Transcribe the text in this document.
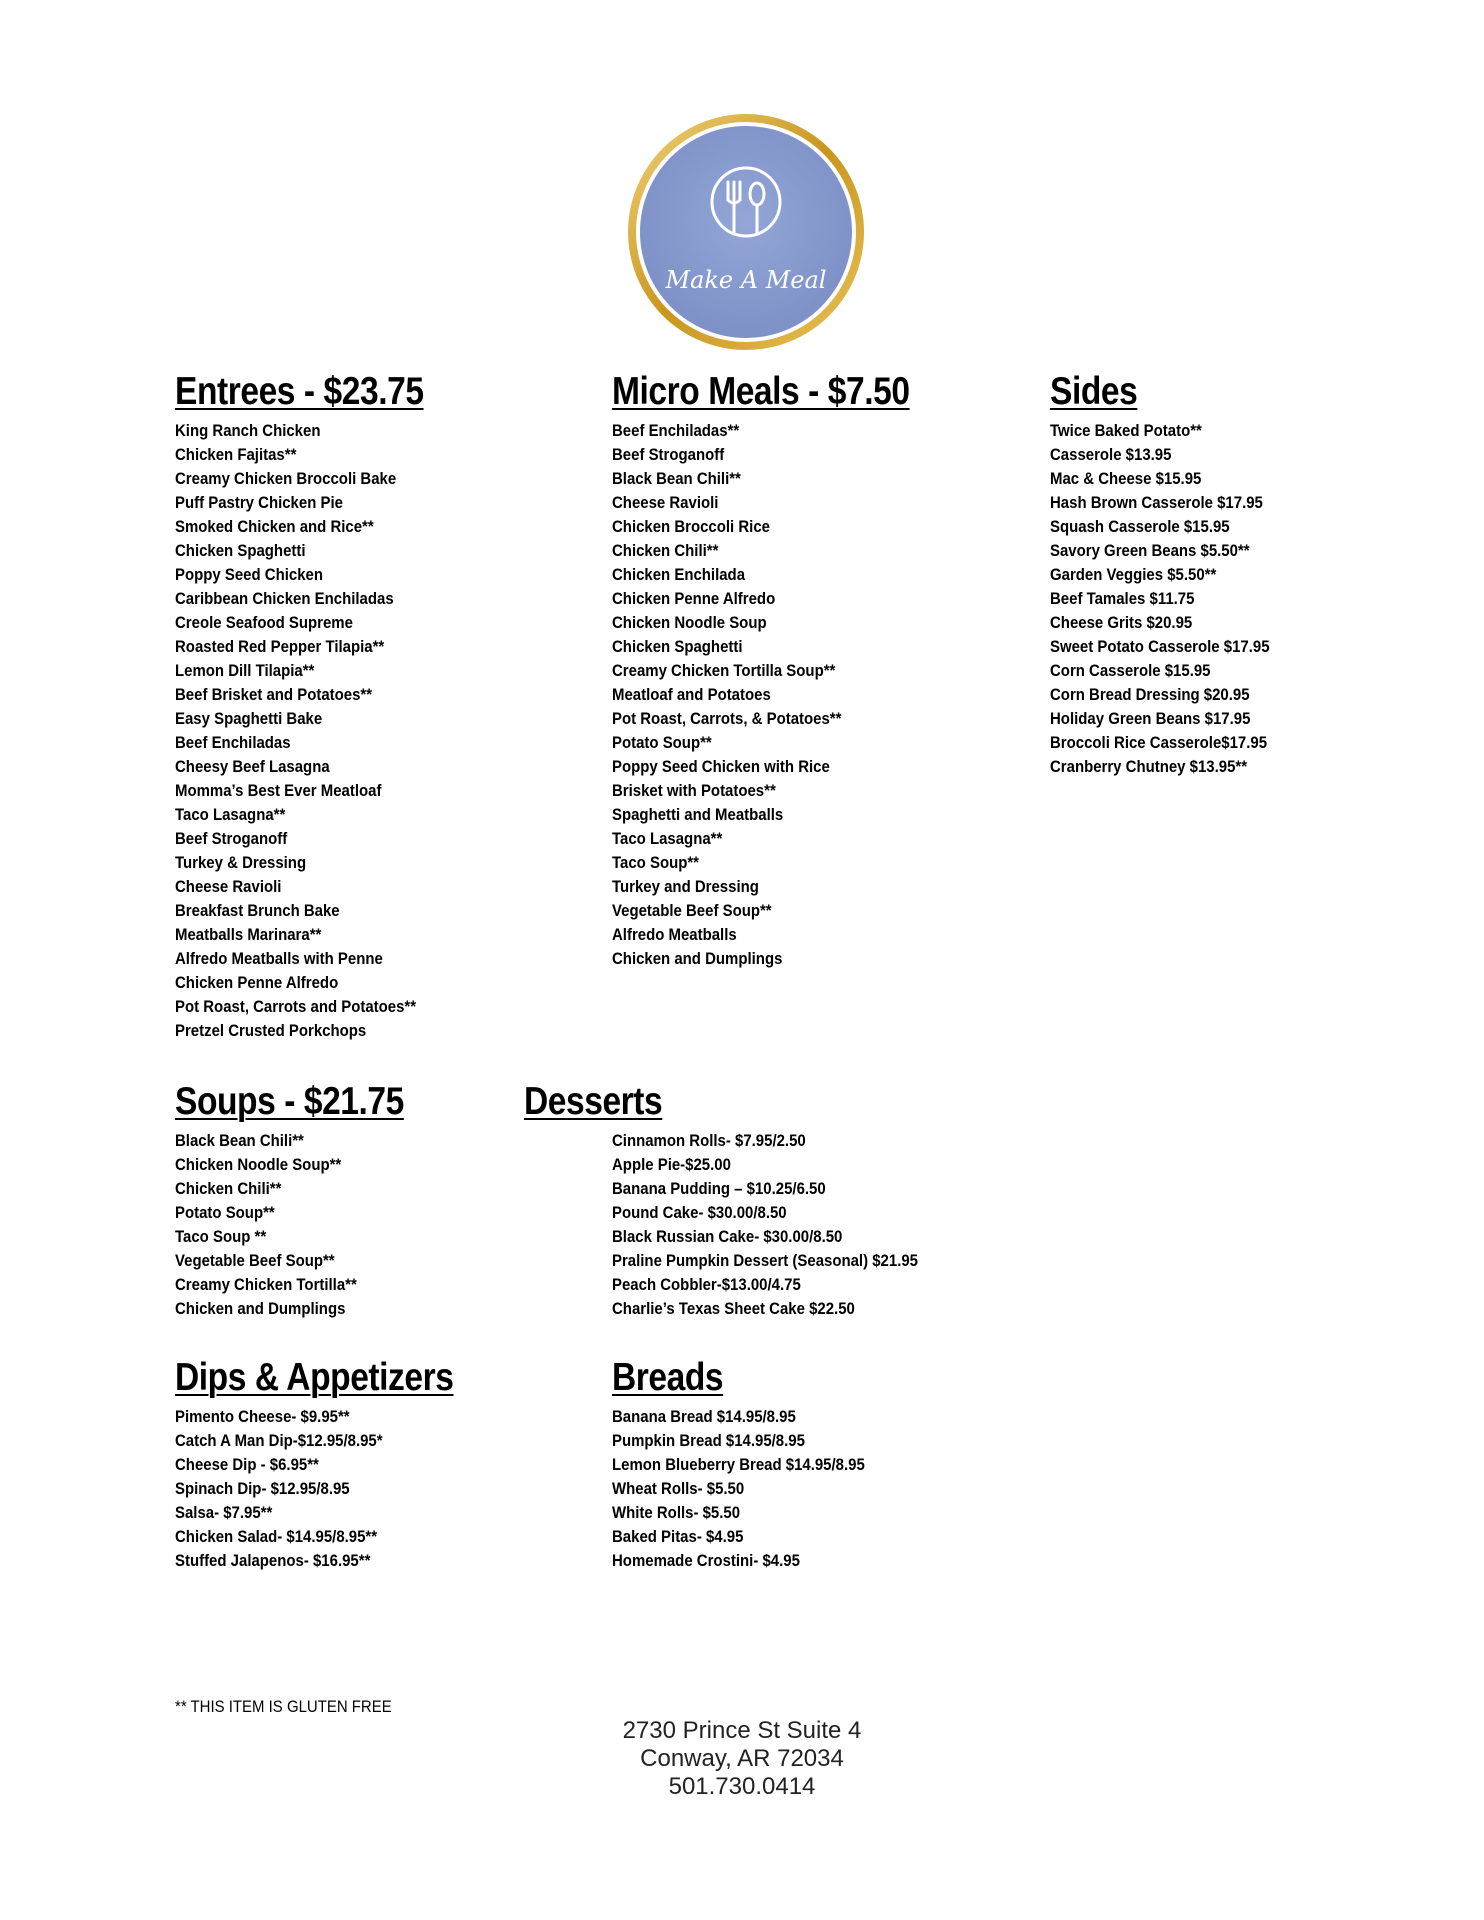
Make A Meal
Entrees - $23.75
King Ranch Chicken
Chicken Fajitas**
Creamy Chicken Broccoli Bake
Puff Pastry Chicken Pie
Smoked Chicken and Rice**
Chicken Spaghetti
Poppy Seed Chicken
Caribbean Chicken Enchiladas
Creole Seafood Supreme
Roasted Red Pepper Tilapia**
Lemon Dill Tilapia**
Beef Brisket and Potatoes**
Easy Spaghetti Bake
Beef Enchiladas
Cheesy Beef Lasagna
Momma’s Best Ever Meatloaf
Taco Lasagna**
Beef Stroganoff
Turkey & Dressing
Cheese Ravioli
Breakfast Brunch Bake
Meatballs Marinara**
Alfredo Meatballs with Penne
Chicken Penne Alfredo
Pot Roast, Carrots and Potatoes**
Pretzel Crusted Porkchops
Micro Meals - $7.50
Beef Enchiladas**
Beef Stroganoff
Black Bean Chili**
Cheese Ravioli
Chicken Broccoli Rice
Chicken Chili**
Chicken Enchilada
Chicken Penne Alfredo
Chicken Noodle Soup
Chicken Spaghetti
Creamy Chicken Tortilla Soup**
Meatloaf and Potatoes
Pot Roast, Carrots, & Potatoes**
Potato Soup**
Poppy Seed Chicken with Rice
Brisket with Potatoes**
Spaghetti and Meatballs
Taco Lasagna**
Taco Soup**
Turkey and Dressing
Vegetable Beef Soup**
Alfredo Meatballs
Chicken and Dumplings
Sides
Twice Baked Potato**
Casserole $13.95
Mac & Cheese $15.95
Hash Brown Casserole $17.95
Squash Casserole $15.95
Savory Green Beans $5.50**
Garden Veggies $5.50**
Beef Tamales $11.75
Cheese Grits $20.95
Sweet Potato Casserole $17.95
Corn Casserole $15.95
Corn Bread Dressing $20.95
Holiday Green Beans $17.95
Broccoli Rice Casserole$17.95
Cranberry Chutney $13.95**
Soups - $21.75
Black Bean Chili**
Chicken Noodle Soup**
Chicken Chili**
Potato Soup**
Taco Soup **
Vegetable Beef Soup**
Creamy Chicken Tortilla**
Chicken and Dumplings
Desserts
Cinnamon Rolls- $7.95/2.50
Apple Pie-$25.00
Banana Pudding – $10.25/6.50
Pound Cake- $30.00/8.50
Black Russian Cake- $30.00/8.50
Praline Pumpkin Dessert (Seasonal) $21.95
Peach Cobbler-$13.00/4.75
Charlie’s Texas Sheet Cake $22.50
Dips & Appetizers
Pimento Cheese- $9.95**
Catch A Man Dip-$12.95/8.95*
Cheese Dip - $6.95**
Spinach Dip- $12.95/8.95
Salsa- $7.95**
Chicken Salad- $14.95/8.95**
Stuffed Jalapenos- $16.95**
Breads
Banana Bread $14.95/8.95
Pumpkin Bread $14.95/8.95
Lemon Blueberry Bread $14.95/8.95
Wheat Rolls- $5.50
White Rolls- $5.50
Baked Pitas- $4.95
Homemade Crostini- $4.95
** THIS ITEM IS GLUTEN FREE
2730 Prince St Suite 4
Conway, AR 72034
501.730.0414
